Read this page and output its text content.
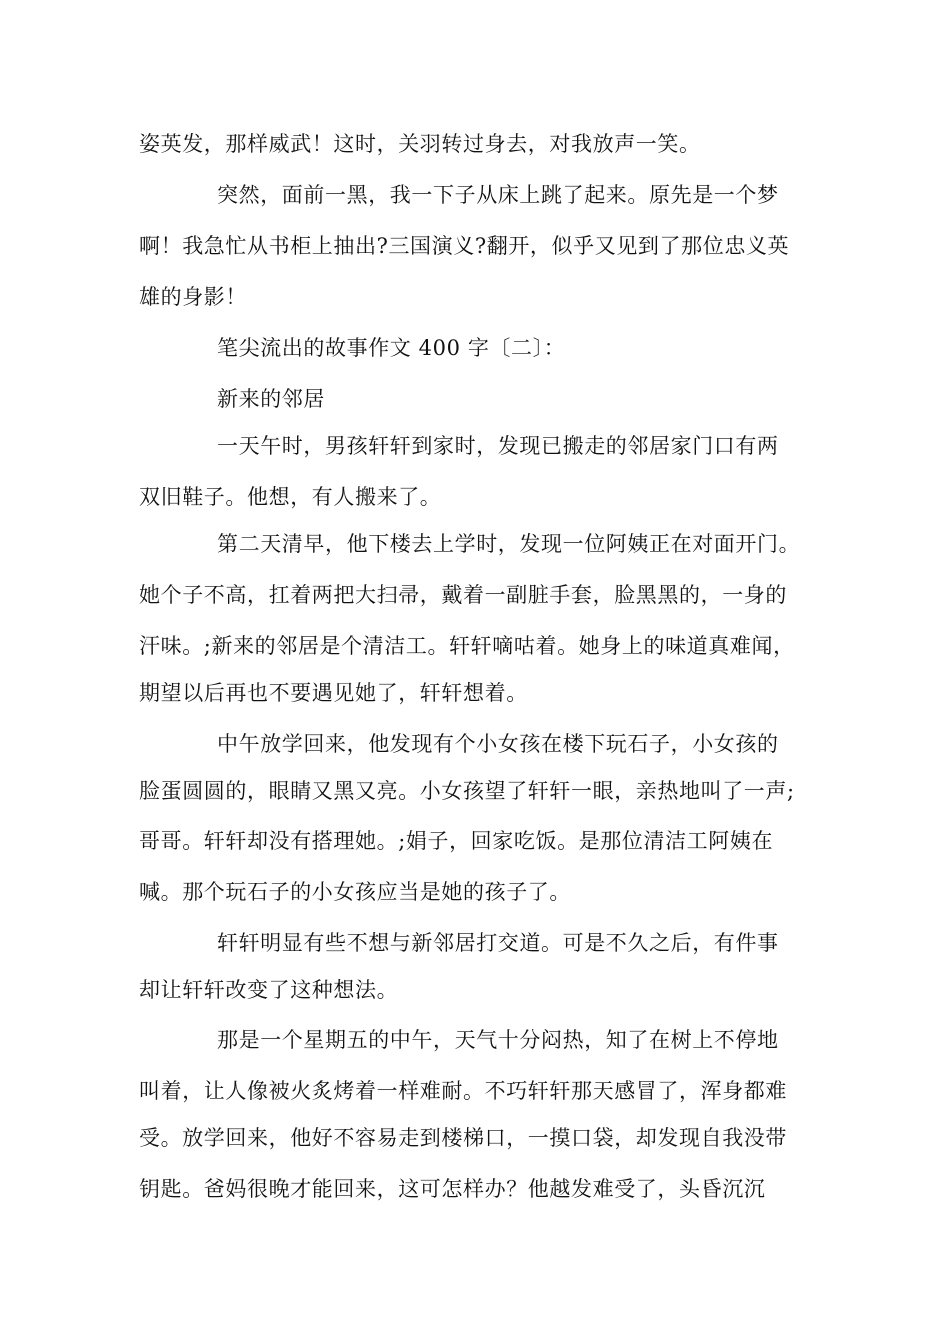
姿英发，那样威武！这时，关羽转过身去，对我放声一笑。
突然，面前一黑，我一下子从床上跳了起来。原先是一个梦
啊！我急忙从书柜上抽出?三国演义?翻开，似乎又见到了那位忠义英
雄的身影！
笔尖流出的故事作文 400 字〔二〕：
新来的邻居
一天午时，男孩轩轩到家时，发现已搬走的邻居家门口有两
双旧鞋子。他想，有人搬来了。
第二天清早，他下楼去上学时，发现一位阿姨正在对面开门。
她个子不高，扛着两把大扫帚，戴着一副脏手套，脸黑黑的，一身的
汗味。;新来的邻居是个清洁工。轩轩嘀咕着。她身上的味道真难闻，
期望以后再也不要遇见她了，轩轩想着。
中午放学回来，他发现有个小女孩在楼下玩石子，小女孩的
脸蛋圆圆的，眼睛又黑又亮。小女孩望了轩轩一眼，亲热地叫了一声;
哥哥。轩轩却没有搭理她。;娟子，回家吃饭。是那位清洁工阿姨在
喊。那个玩石子的小女孩应当是她的孩子了。
轩轩明显有些不想与新邻居打交道。可是不久之后，有件事
却让轩轩改变了这种想法。
那是一个星期五的中午，天气十分闷热，知了在树上不停地
叫着，让人像被火炙烤着一样难耐。不巧轩轩那天感冒了，浑身都难
受。放学回来，他好不容易走到楼梯口，一摸口袋，却发现自我没带
钥匙。爸妈很晚才能回来，这可怎样办？他越发难受了，头昏沉沉
